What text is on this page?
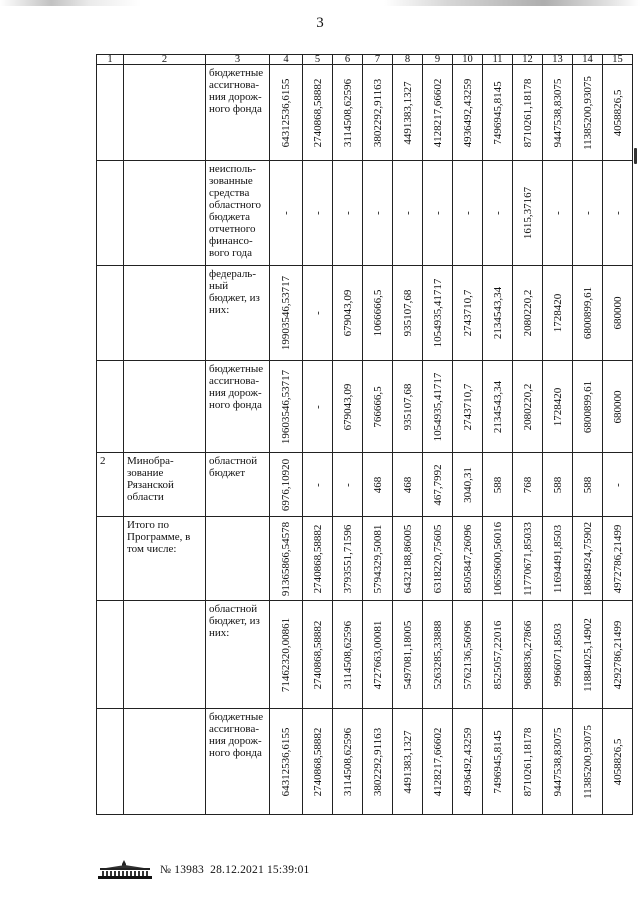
3
1	2	3	4	5	6	7	8	9	10	11	12	13	14	15

		бюджетные ассигнова-ния дорож-ного фонда	64312536,6155	2740868,58882	3114508,62596	3802292,91163	4491383,1327	4128217,66602	4936492,43259	7496945,8145	8710261,18178	9447538,83075	11385200,93075	4058826,5

		неисполь-зованные средства областного бюджета отчетного финансо-вого года	-	-	-	-	-	-	-	-	1615,37167	-	-	-

		федераль-ный бюджет, из них:	19903546,53717	-	679043,09	1066666,5	935107,68	1054935,41717	2743710,7	2134543,34	2080220,2	1728420	6800899,61	680000

		бюджетные ассигнова-ния дорож-ного фонда	19603546,53717	-	679043,09	766666,5	935107,68	1054935,41717	2743710,7	2134543,34	2080220,2	1728420	6800899,61	680000

2	Минобра-зование Рязанской области	областной бюджет	6976,10920	-	-	468	468	467,7992	3040,31	588	768	588	588	-

	Итого по Программе, в том числе:		91365866,54578	2740868,58882	3793551,71596	5794329,50081	6432188,86005	6318220,75605	8505847,26096	10659600,56016	11770671,85033	11694491,8503	18684924,75902	4972786,21499

		областной бюджет, из них:	71462320,00861	2740868,58882	3114508,62596	4727663,00081	5497081,18005	5263285,33888	5762136,56096	8525057,22016	9688836,27866	9966071,8503	11884025,14902	4292786,21499

		бюджетные ассигнова-ния дорож-ного фонда	64312536,6155	2740868,58882	3114508,62596	3802292,91163	4491383,1327	4128217,66602	4936492,43259	7496945,8145	8710261,18178	9447538,83075	11385200,93075	4058826,5
№ 13983 28.12.2021 15:39:01
